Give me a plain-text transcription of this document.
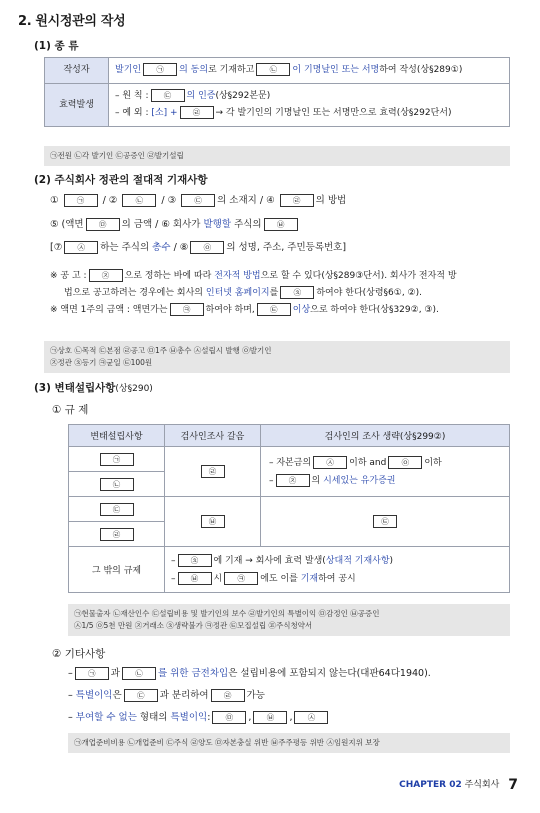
2. 원시정관의 작성
(1) 종 류
작성자	발기인 ㉠ 의 동의로 기재하고 ㉡ 이 기명날인 또는 서명하여 작성(상§289①)
효력발생	– 원 칙 : ㉢ 의 인증(상§292본문)
– 예 외 : [소] + ㉣ → 각 발기인의 기명날인 또는 서명만으로 효력(상§292단서)
㉠전원 ㉡각 발기인 ㉢공증인 ㉣발기설립
(2) 주식회사 정관의 절대적 기재사항
① ㉠ / ② ㉡ / ③ ㉢ 의 소재지 / ④ ㉣ 의 방법
⑤ (액면 ㉤ 의 금액 / ⑥ 회사가 발행할 주식의 ㉥
[⑦ ㉦ 하는 주식의 총수 / ⑧ ㉧ 의 성명, 주소, 주민등록번호]
※ 공 고 : ㉨ 으로 정하는 바에 따라 전자적 방법으로 할 수 있다(상§289③단서). 회사가 전자적 방
법으로 공고하려는 경우에는 회사의 인터넷 홈페이지를 ㉩ 하여야 한다(상령§6①, ②).
※ 액면 1주의 금액 : 액면가는 ㉪ 하여야 하며, ㉫ 이상으로 하여야 한다(상§329②, ③).
㉠상호 ㉡목적 ㉢본점 ㉣공고 ㉤1주 ㉥총수 ㉦설립시 발행 ㉧발기인
㉨정관 ㉩등기 ㉪균일 ㉫100원
(3) 변태설립사항(상§290)
① 규 제
변태설립사항	검사인조사 갈음	검사인의 조사 생략(상§299②)
㉠	㉣	– 자본금의 ㉦ 이하 and ㉧ 이하
– ㉨ 의 시세있는 유가증권

㉡		
㉢	㉥	㉫
㉣		
그 밖의 규제	– ㉩ 에 기재 → 회사에 효력 발생(상대적 기재사항)
– ㉥ 시 ㉪ 에도 이를 기재하여 공시	
㉠현물출자 ㉡재산인수 ㉢설립비용 및 발기인의 보수 ㉣발기인의 특별이익 ㉤감정인 ㉥공증인
㉦1/5 ㉧5천 만원 ㉨거래소 ㉩생략불가 ㉪정관 ㉫모집설립 ㉬주식청약서
② 기타사항
– ㉠ 과 ㉡ 를 위한 금전차입은 설립비용에 포함되지 않는다(대판64다1940).
– 특별이익은 ㉢ 과 분리하여 ㉣ 가능
– 부여할 수 없는 형태의 특별이익: ㉤ , ㉥ , ㉦
㉠개업준비비용 ㉡개업준비 ㉢주식 ㉣양도 ㉤자본충실 위반 ㉥주주평등 위반 ㉦임원지위 보장
CHAPTER 02 주식회사 7
